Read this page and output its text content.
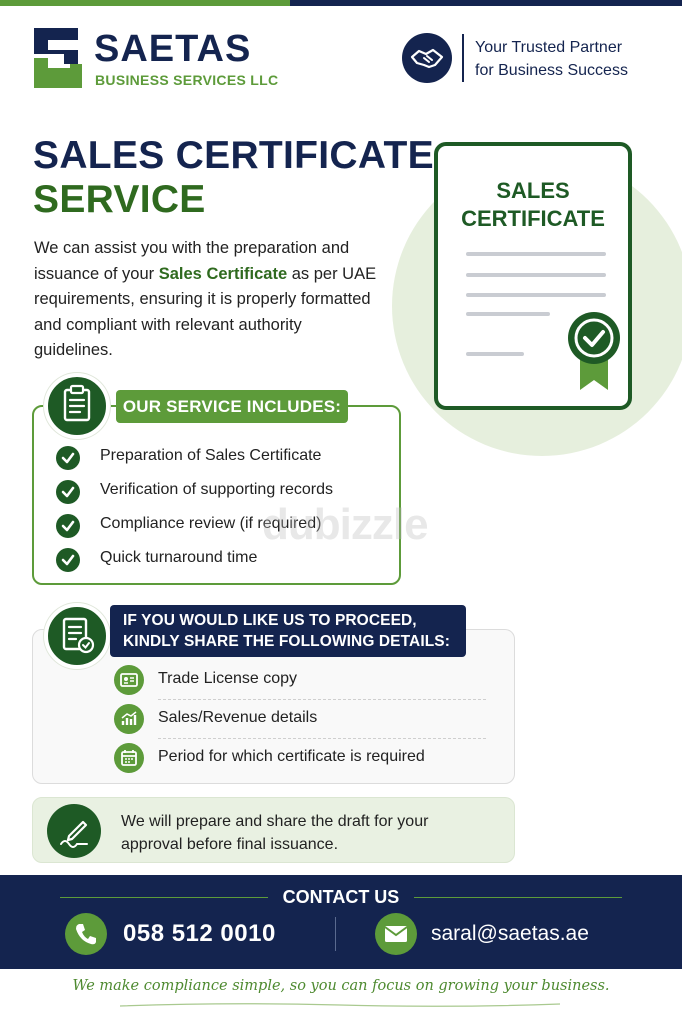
SAETAS
BUSINESS SERVICES LLC
Your Trusted Partner
for Business Success
SALES CERTIFICATE
SERVICE
We can assist you with the preparation and issuance of your Sales Certificate as per UAE requirements, ensuring it is properly formatted and compliant with relevant authority guidelines.
SALES
CERTIFICATE
OUR SERVICE INCLUDES:
Preparation of Sales Certificate
Verification of supporting records
Compliance review (if required)
Quick turnaround time
dubizzle
IF YOU WOULD LIKE US TO PROCEED,
KINDLY SHARE THE FOLLOWING DETAILS:
Trade License copy
Sales/Revenue details
Period for which certificate is required
We will prepare and share the draft for your
approval before final issuance.
CONTACT US
058 512 0010	saral@saetas.ae
We make compliance simple, so you can focus on growing your business.
